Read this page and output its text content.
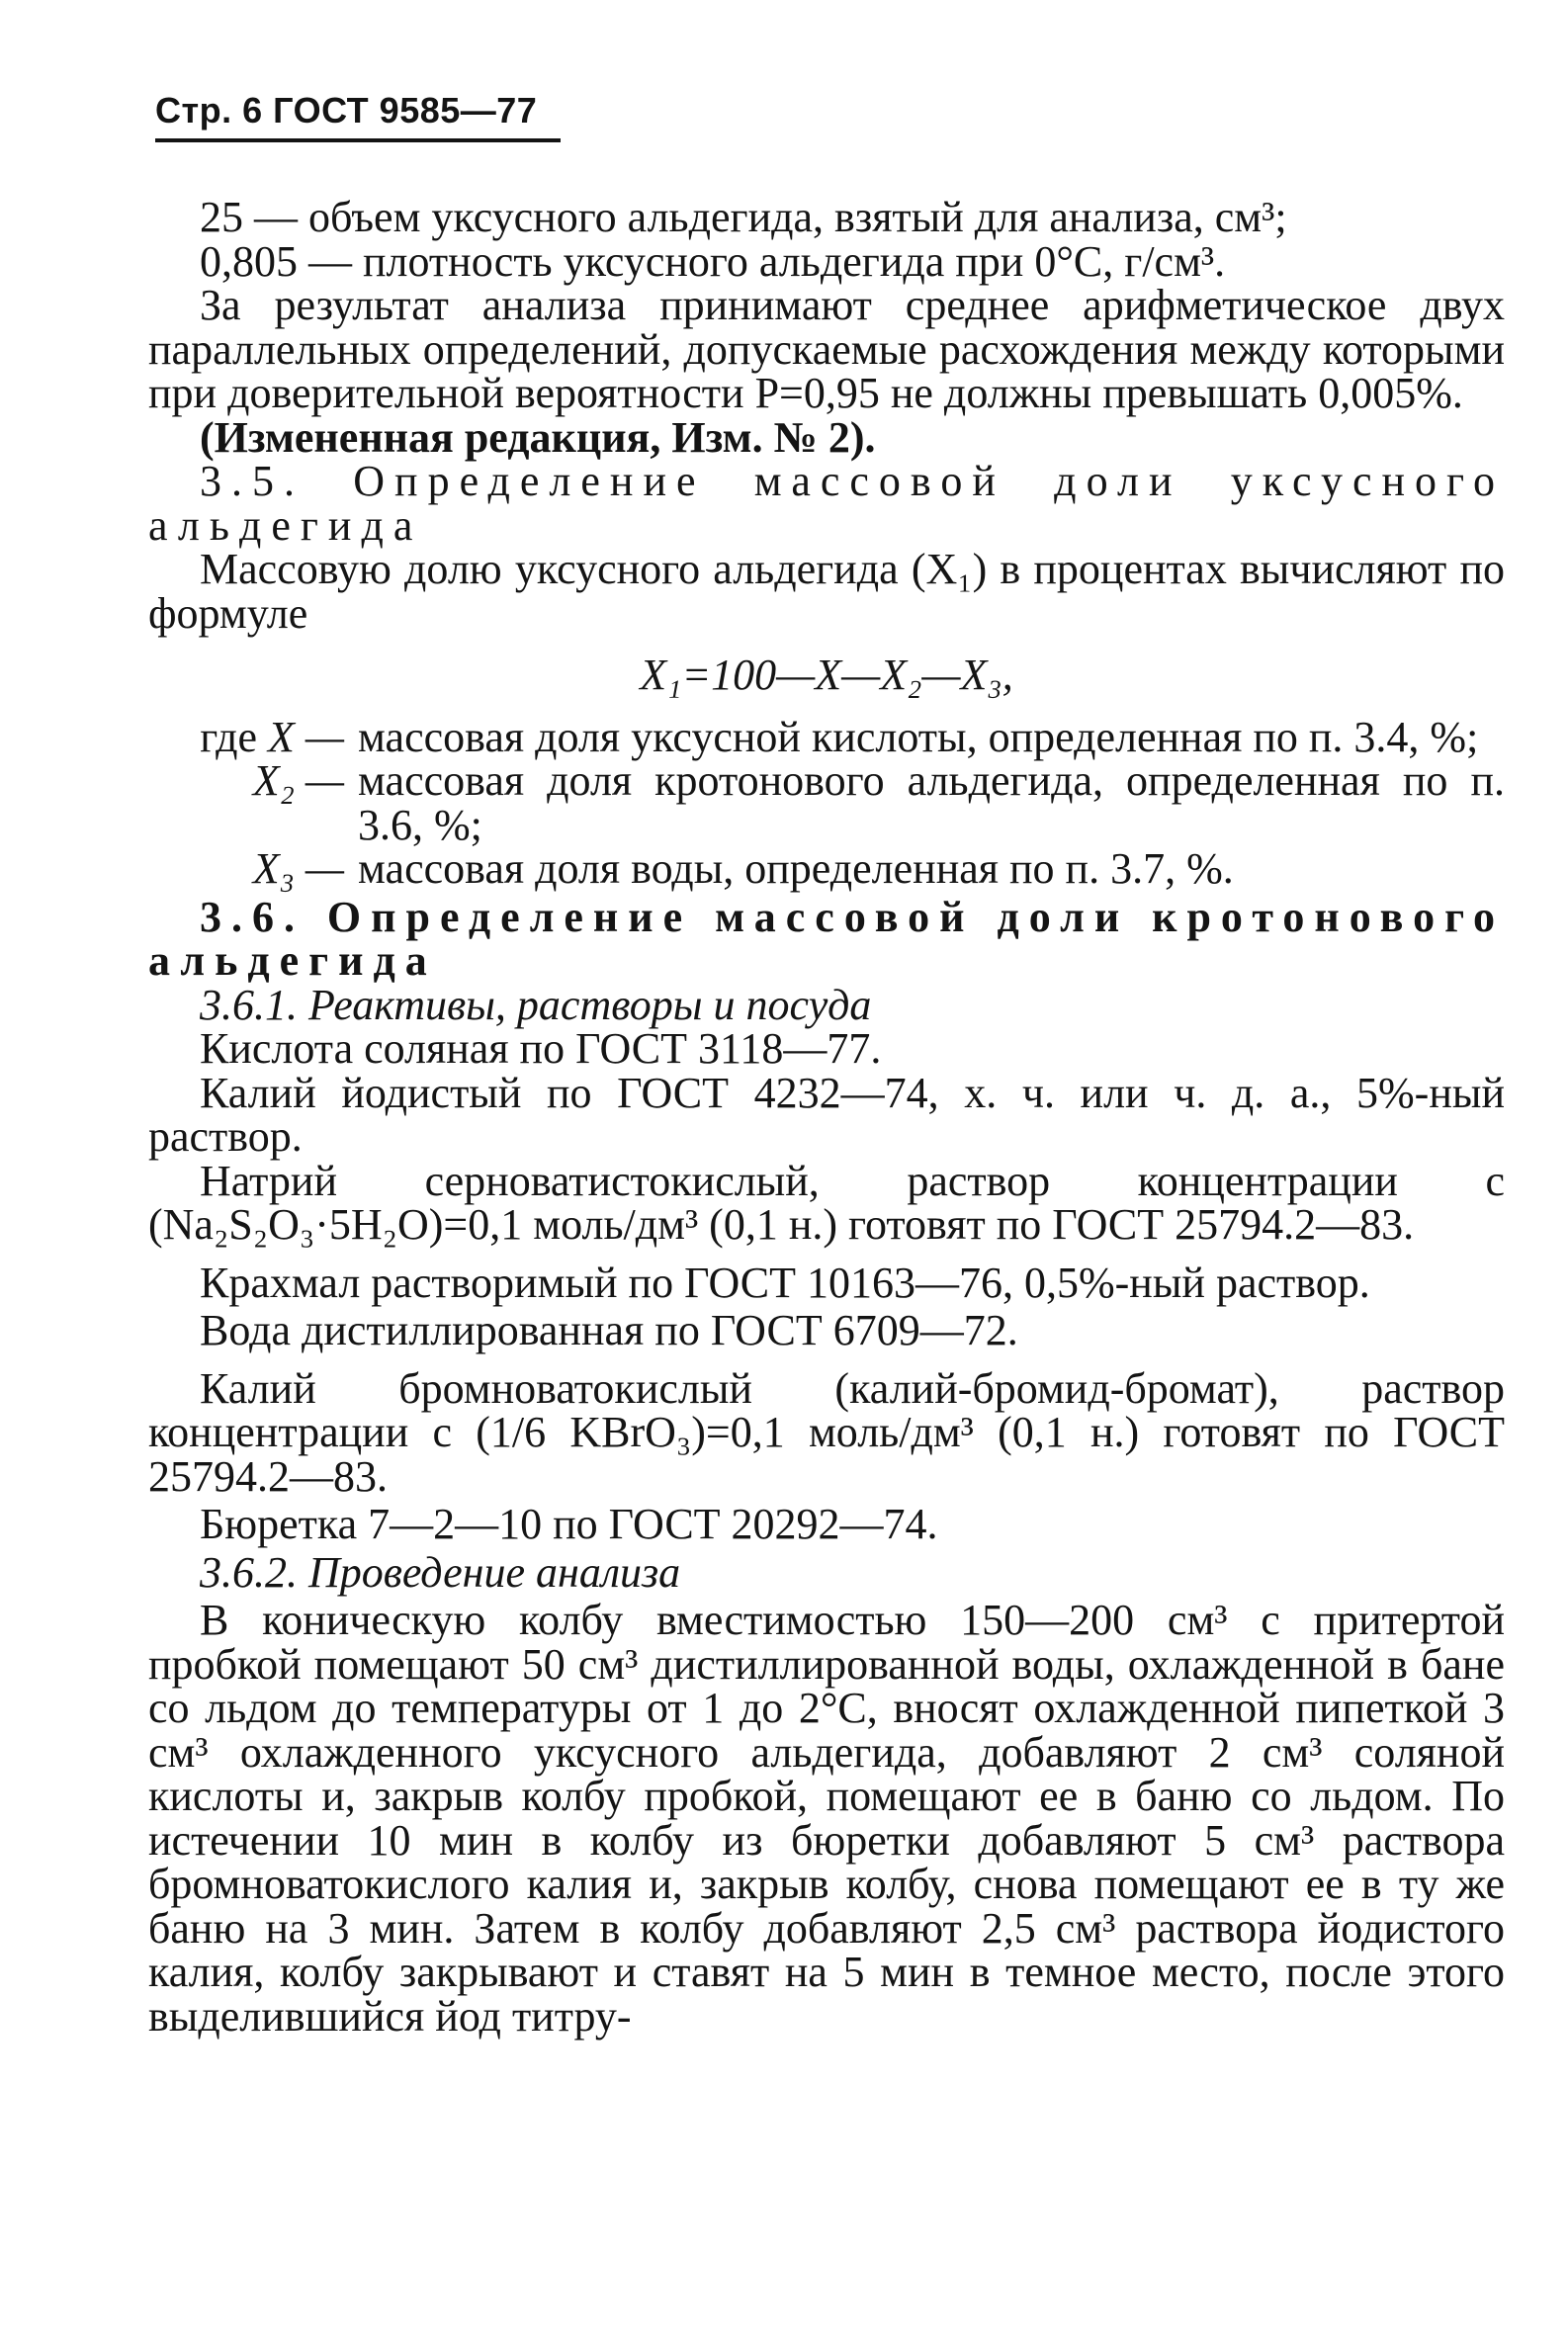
Стр. 6 ГОСТ 9585—77

25 — объем уксусного альдегида, взятый для анализа, см³;

0,805 — плотность уксусного альдегида при 0°С, г/см³.

За результат анализа принимают среднее арифметическое двух параллельных определений, допускаемые расхождения между которыми при доверительной вероятности P=0,95 не должны превышать 0,005%.

(Измененная редакция, Изм. № 2).

3.5. Определение массовой доли уксусного альдегида

Массовую долю уксусного альдегида (X₁) в процентах вычисляют по формуле

X₁=100—X—X₂—X₃,

где X — массовая доля уксусной кислоты, определенная по п. 3.4, %;
X₂ — массовая доля кротонового альдегида, определенная по п. 3.6, %;
X₃ — массовая доля воды, определенная по п. 3.7, %.

3.6. Определение массовой доли кротонового альдегида

3.6.1. Реактивы, растворы и посуда

Кислота соляная по ГОСТ 3118—77.

Калий йодистый по ГОСТ 4232—74, х. ч. или ч. д. а., 5%-ный раствор.

Натрий серноватистокислый, раствор концентрации с (Na₂S₂O₃·5H₂O)=0,1 моль/дм³ (0,1 н.) готовят по ГОСТ 25794.2—83.

Крахмал растворимый по ГОСТ 10163—76, 0,5%-ный раствор.

Вода дистиллированная по ГОСТ 6709—72.

Калий бромноватокислый (калий-бромид-бромат), раствор концентрации с (1/6 KBrO₃)=0,1 моль/дм³ (0,1 н.) готовят по ГОСТ 25794.2—83.

Бюретка 7—2—10 по ГОСТ 20292—74.

3.6.2. Проведение анализа

В коническую колбу вместимостью 150—200 см³ с притертой пробкой помещают 50 см³ дистиллированной воды, охлажденной в бане со льдом до температуры от 1 до 2°С, вносят охлажденной пипеткой 3 см³ охлажденного уксусного альдегида, добавляют 2 см³ соляной кислоты и, закрыв колбу пробкой, помещают ее в баню со льдом. По истечении 10 мин в колбу из бюретки добавляют 5 см³ раствора бромноватокислого калия и, закрыв колбу, снова помещают ее в ту же баню на 3 мин. Затем в колбу добавляют 2,5 см³ раствора йодистого калия, колбу закрывают и ставят на 5 мин в темное место, после этого выделившийся йод титру-
